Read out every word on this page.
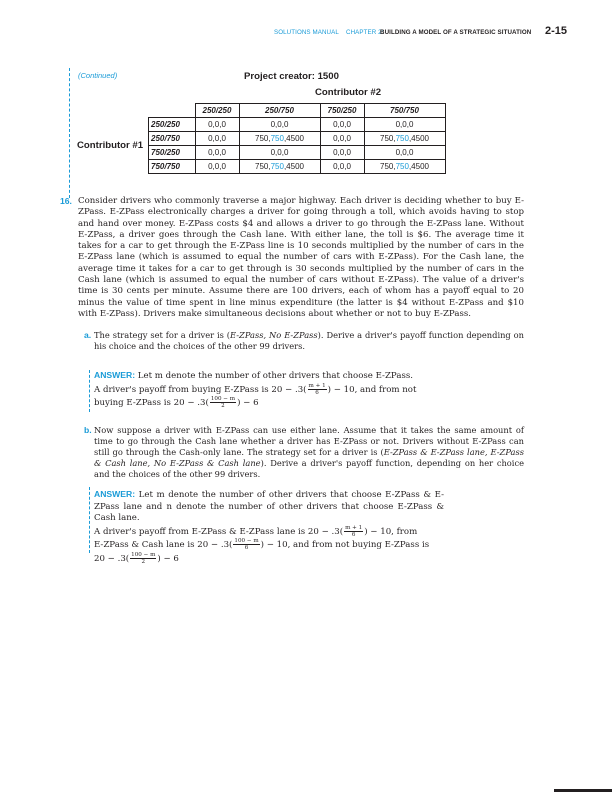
SOLUTIONS MANUAL CHAPTER 2:
BUILDING A MODEL OF A STRATEGIC SITUATION 2-15
(Continued)	Project creator: 1500
Contributor #2
Contributor #1
	250/250	250/750	750/250	750/750
250/250	0,0,0	0,0,0	0,0,0	0,0,0
250/750	0,0,0	750,750,4500	0,0,0	750,750,4500
750/250	0,0,0	0,0,0	0,0,0	0,0,0
750/750	0,0,0	750,750,4500	0,0,0	750,750,4500
16. Consider drivers who commonly traverse a major highway. Each driver is deciding whether to buy E-ZPass. E-ZPass electronically charges a driver for going through a toll, which avoids having to stop and hand over money. E-ZPass costs $4 and allows a driver to go through the E-ZPass lane. Without E-ZPass, a driver goes through the Cash lane. With either lane, the toll is $6. The average time it takes for a car to get through the E-ZPass line is 10 seconds multiplied by the number of cars in the E-ZPass lane (which is assumed to equal the number of cars with E-ZPass). For the Cash lane, the average time it takes for a car to get through is 30 seconds multiplied by the number of cars in the Cash lane (which is assumed to equal the number of cars without E-ZPass). The value of a driver's time is 30 cents per minute. Assume there are 100 drivers, each of whom has a payoff equal to 20 minus the value of time spent in line minus expenditure (the latter is $4 without E-ZPass and $10 with E-ZPass). Drivers make simultaneous decisions about whether or not to buy E-ZPass.
a. The strategy set for a driver is (E-ZPass, No E-ZPass). Derive a driver's payoff function depending on his choice and the choices of the other 99 drivers.
ANSWER: Let m denote the number of other drivers that choose E-ZPass.
A driver's payoff from buying E-ZPass is $20 - .3( \frac{m + 1}{6}$ ) − 10, and from not
buying E-ZPass is $20 - .3( \frac{100 - m}{2}$ ) − 6
b. Now suppose a driver with E-ZPass can use either lane. Assume that it takes the same amount of time to go through the Cash lane whether a driver has E-ZPass or not. Drivers without E-ZPass can still go through the Cash-only lane. The strategy set for a driver is (E-ZPass & E-ZPass lane, E-ZPass & Cash lane, No E-ZPass & Cash lane). Derive a driver's payoff function, depending on her choice and the choices of the other 99 drivers.
ANSWER: Let m denote the number of other drivers that choose E-ZPass & E-ZPass lane and n denote the number of other drivers that choose E-ZPass & Cash lane.
A driver's payoff from E-ZPass & E-ZPass lane is $20 - .3( \frac{m + 1}{6}$ ) − 10, from
E-ZPass & Cash lane is $20 - .3( \frac{100 - m}{6}$ ) − 10, and from not buying E-ZPass is
$20 - .3( \frac{100 - m}{2}$ ) − 6
